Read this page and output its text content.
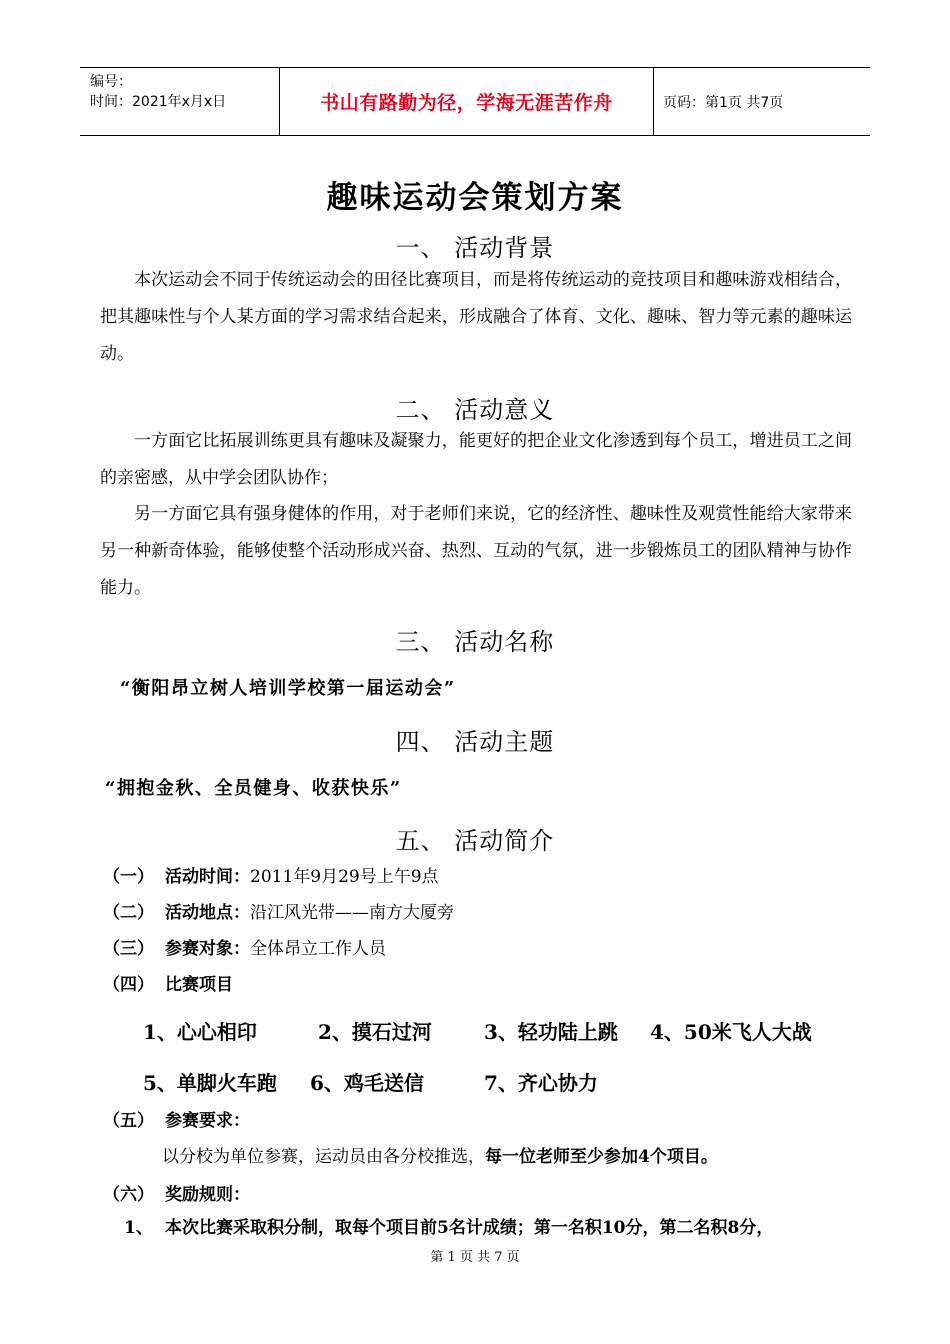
编号：
时间：2021年x月x日	书山有路勤为径，学海无涯苦作舟	页码：第1页 共7页
趣味运动会策划方案
一、 活动背景
本次运动会不同于传统运动会的田径比赛项目，而是将传统运动的竞技项目和趣味游戏相结合，把其趣味性与个人某方面的学习需求结合起来，形成融合了体育、文化、趣味、智力等元素的趣味运动。
二、 活动意义
一方面它比拓展训练更具有趣味及凝聚力，能更好的把企业文化渗透到每个员工，增进员工之间的亲密感，从中学会团队协作；
另一方面它具有强身健体的作用，对于老师们来说，它的经济性、趣味性及观赏性能给大家带来另一种新奇体验，能够使整个活动形成兴奋、热烈、互动的气氛，进一步锻炼员工的团队精神与协作能力。
三、 活动名称
“衡阳昂立树人培训学校第一届运动会”
四、 活动主题
“拥抱金秋、全员健身、收获快乐”
五、 活动简介
（一） 活动时间：2011年9月29号上午9点
（二） 活动地点：沿江风光带——南方大厦旁
（三） 参赛对象：全体昂立工作人员
（四） 比赛项目
1、心心相印	2、摸石过河	3、轻功陆上跳 4、50米飞人大战
5、单脚火车跑 6、鸡毛送信	7、齐心协力
（五） 参赛要求：
以分校为单位参赛，运动员由各分校推选，每一位老师至少参加4个项目。
（六） 奖励规则：
1、 本次比赛采取积分制，取每个项目前5名计成绩；第一名积10分，第二名积8分，
第 1 页 共 7 页
